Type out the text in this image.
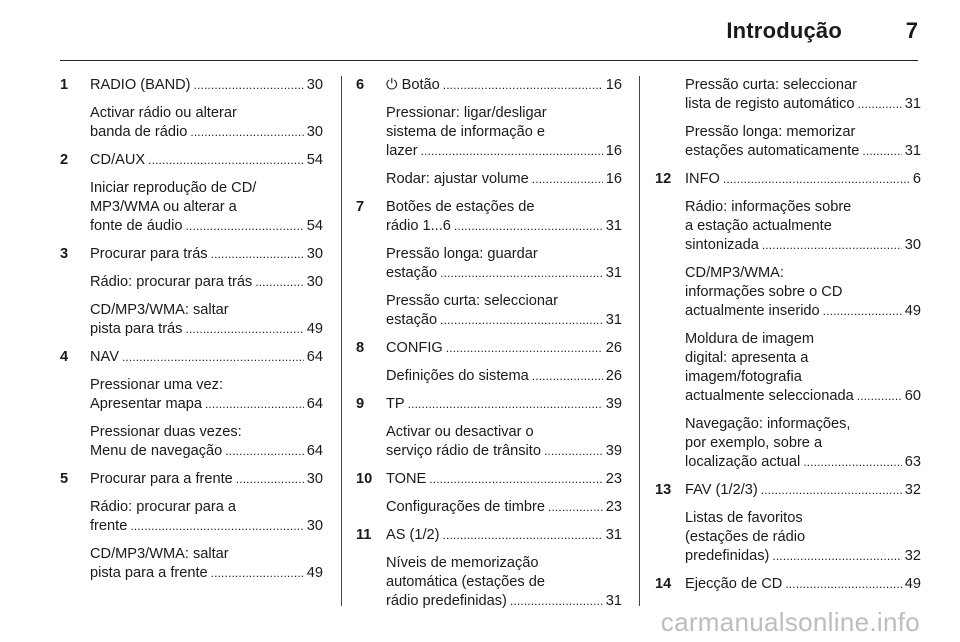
Introdução	7
1 RADIO (BAND) . . .	30
Activar rádio ou alterar
banda de rádio . . .	30
2 CD/AUX . . .	54
Iniciar reprodução de CD/
MP3/WMA ou alterar a
fonte de áudio . . .	54
3 Procurar para trás . . .	30
Rádio: procurar para trás . . .	30
CD/MP3/WMA: saltar
pista para trás . . .	49
4 NAV . . .	64
Pressionar uma vez:
Apresentar mapa . . .	64
Pressionar duas vezes:
Menu de navegação . . .	64
5 Procurar para a frente . . .	30
Rádio: procurar para a
frente . . .	30
CD/MP3/WMA: saltar
pista para a frente . . .	49
6 ⏻ Botão . . .	16
Pressionar: ligar/desligar
sistema de informação e
lazer . . .	16
Rodar: ajustar volume . . .	16
7 Botões de estações de
rádio 1...6 . . .	31
Pressão longa: guardar
estação . . .	31
Pressão curta: seleccionar
estação . . .	31
8 CONFIG . . .	26
Definições do sistema . . .	26
9 TP . . .	39
Activar ou desactivar o
serviço rádio de trânsito . . .	39
10 TONE . . .	23
Configurações de timbre . . .	23
11 AS (1/2) . . .	31
Níveis de memorização
automática (estações de
rádio predefinidas) . . .	31
Pressão curta: seleccionar
lista de registo automático . . .	31
Pressão longa: memorizar
estações automaticamente . . .	31
12 INFO . . .	6
Rádio: informações sobre
a estação actualmente
sintonizada . . .	30
CD/MP3/WMA:
informações sobre o CD
actualmente inserido . . .	49
Moldura de imagem
digital: apresenta a
imagem/fotografia
actualmente seleccionada . . .	60
Navegação: informações,
por exemplo, sobre a
localização actual . . .	63
13 FAV (1/2/3) . . .	32
Listas de favoritos
(estações de rádio
predefinidas) . . .	32
14 Ejecção de CD . . .	49
carmanualsonline.info
